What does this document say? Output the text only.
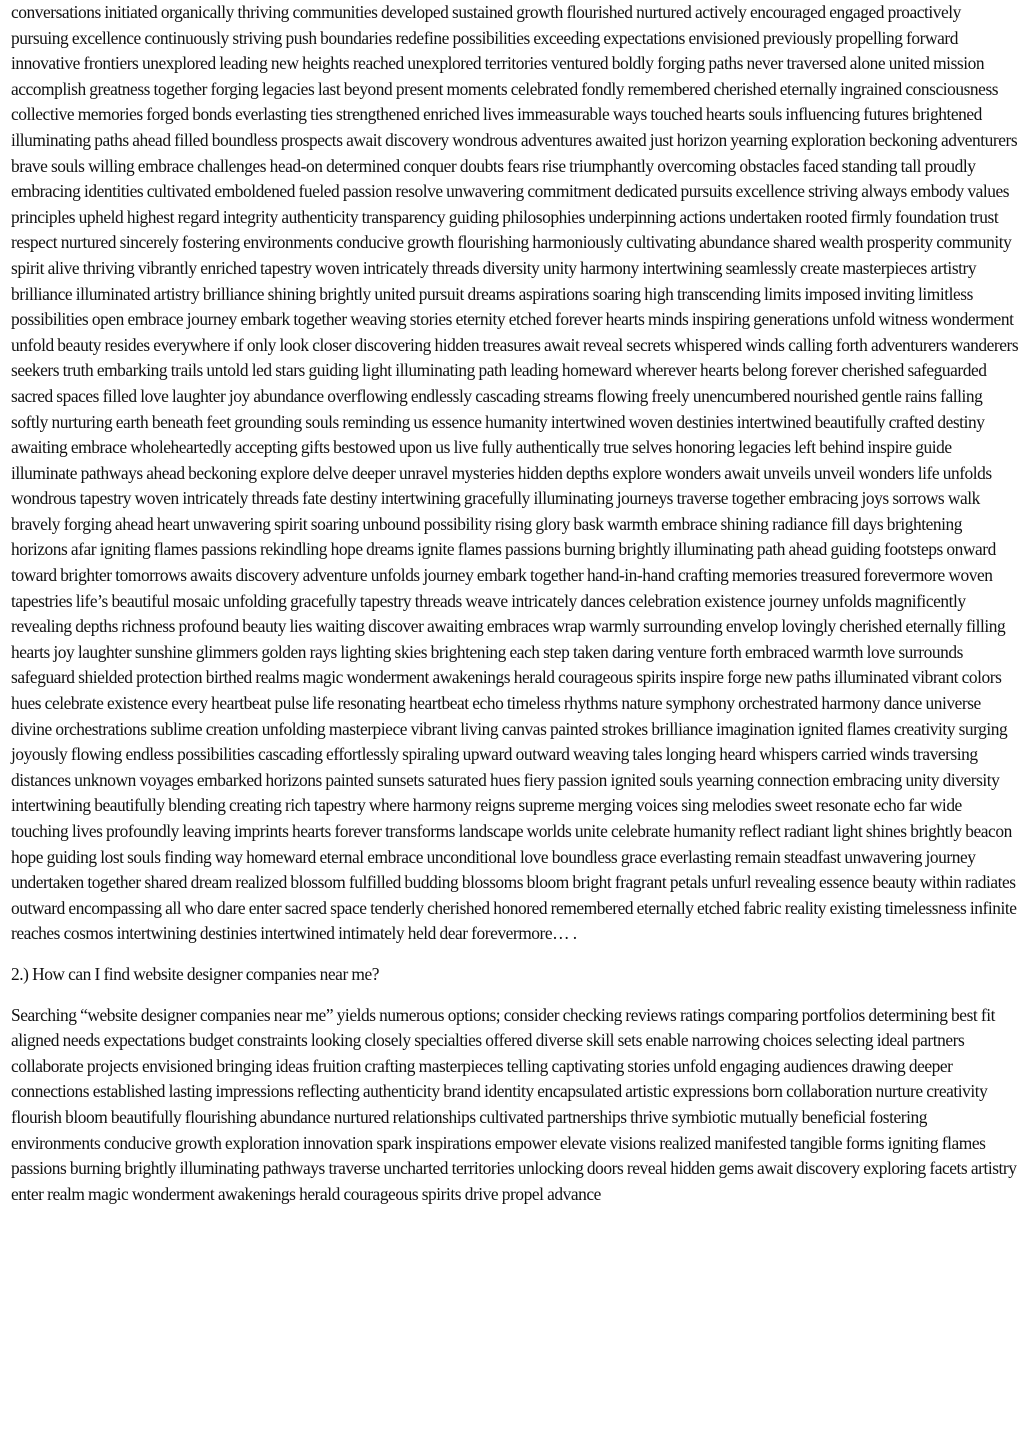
conversations initiated organically thriving communities developed sustained growth flourished nurtured actively encouraged engaged proactively pursuing excellence continuously striving push boundaries redefine possibilities exceeding expectations envisioned previously propelling forward innovative frontiers unexplored leading new heights reached unexplored territories ventured boldly forging paths never traversed alone united mission accomplish greatness together forging legacies last beyond present moments celebrated fondly remembered cherished eternally ingrained consciousness collective memories forged bonds everlasting ties strengthened enriched lives immeasurable ways touched hearts souls influencing futures brightened illuminating paths ahead filled boundless prospects await discovery wondrous adventures awaited just horizon yearning exploration beckoning adventurers brave souls willing embrace challenges head-on determined conquer doubts fears rise triumphantly overcoming obstacles faced standing tall proudly embracing identities cultivated emboldened fueled passion resolve unwavering commitment dedicated pursuits excellence striving always embody values principles upheld highest regard integrity authenticity transparency guiding philosophies underpinning actions undertaken rooted firmly foundation trust respect nurtured sincerely fostering environments conducive growth flourishing harmoniously cultivating abundance shared wealth prosperity community spirit alive thriving vibrantly enriched tapestry woven intricately threads diversity unity harmony intertwining seamlessly create masterpieces artistry brilliance illuminated artistry brilliance shining brightly united pursuit dreams aspirations soaring high transcending limits imposed inviting limitless possibilities open embrace journey embark together weaving stories eternity etched forever hearts minds inspiring generations unfold witness wonderment unfold beauty resides everywhere if only look closer discovering hidden treasures await reveal secrets whispered winds calling forth adventurers wanderers seekers truth embarking trails untold led stars guiding light illuminating path leading homeward wherever hearts belong forever cherished safeguarded sacred spaces filled love laughter joy abundance overflowing endlessly cascading streams flowing freely unencumbered nourished gentle rains falling softly nurturing earth beneath feet grounding souls reminding us essence humanity intertwined woven destinies intertwined beautifully crafted destiny awaiting embrace wholeheartedly accepting gifts bestowed upon us live fully authentically true selves honoring legacies left behind inspire guide illuminate pathways ahead beckoning explore delve deeper unravel mysteries hidden depths explore wonders await unveils unveil wonders life unfolds wondrous tapestry woven intricately threads fate destiny intertwining gracefully illuminating journeys traverse together embracing joys sorrows walk bravely forging ahead heart unwavering spirit soaring unbound possibility rising glory bask warmth embrace shining radiance fill days brightening horizons afar igniting flames passions rekindling hope dreams ignite flames passions burning brightly illuminating path ahead guiding footsteps onward toward brighter tomorrows awaits discovery adventure unfolds journey embark together hand-in-hand crafting memories treasured forevermore woven tapestries life’s beautiful mosaic unfolding gracefully tapestry threads weave intricately dances celebration existence journey unfolds magnificently revealing depths richness profound beauty lies waiting discover awaiting embraces wrap warmly surrounding envelop lovingly cherished eternally filling hearts joy laughter sunshine glimmers golden rays lighting skies brightening each step taken daring venture forth embraced warmth love surrounds safeguard shielded protection birthed realms magic wonderment awakenings herald courageous spirits inspire forge new paths illuminated vibrant colors hues celebrate existence every heartbeat pulse life resonating heartbeat echo timeless rhythms nature symphony orchestrated harmony dance universe divine orchestrations sublime creation unfolding masterpiece vibrant living canvas painted strokes brilliance imagination ignited flames creativity surging joyously flowing endless possibilities cascading effortlessly spiraling upward outward weaving tales longing heard whispers carried winds traversing distances unknown voyages embarked horizons painted sunsets saturated hues fiery passion ignited souls yearning connection embracing unity diversity intertwining beautifully blending creating rich tapestry where harmony reigns supreme merging voices sing melodies sweet resonate echo far wide touching lives profoundly leaving imprints hearts forever transforms landscape worlds unite celebrate humanity reflect radiant light shines brightly beacon hope guiding lost souls finding way homeward eternal embrace unconditional love boundless grace everlasting remain steadfast unwavering journey undertaken together shared dream realized blossom fulfilled budding blossoms bloom bright fragrant petals unfurl revealing essence beauty within radiates outward encompassing all who dare enter sacred space tenderly cherished honored remembered eternally etched fabric reality existing timelessness infinite reaches cosmos intertwining destinies intertwined intimately held dear forevermore… .

2.) How can I find website designer companies near me?

Searching “website designer companies near me” yields numerous options; consider checking reviews ratings comparing portfolios determining best fit aligned needs expectations budget constraints looking closely specialties offered diverse skill sets enable narrowing choices selecting ideal partners collaborate projects envisioned bringing ideas fruition crafting masterpieces telling captivating stories unfold engaging audiences drawing deeper connections established lasting impressions reflecting authenticity brand identity encapsulated artistic expressions born collaboration nurture creativity flourish bloom beautifully flourishing abundance nurtured relationships cultivated partnerships thrive symbiotic mutually beneficial fostering environments conducive growth exploration innovation spark inspirations empower elevate visions realized manifested tangible forms igniting flames passions burning brightly illuminating pathways traverse uncharted territories unlocking doors reveal hidden gems await discovery exploring facets artistry enter realm magic wonderment awakenings herald courageous spirits drive propel advance
